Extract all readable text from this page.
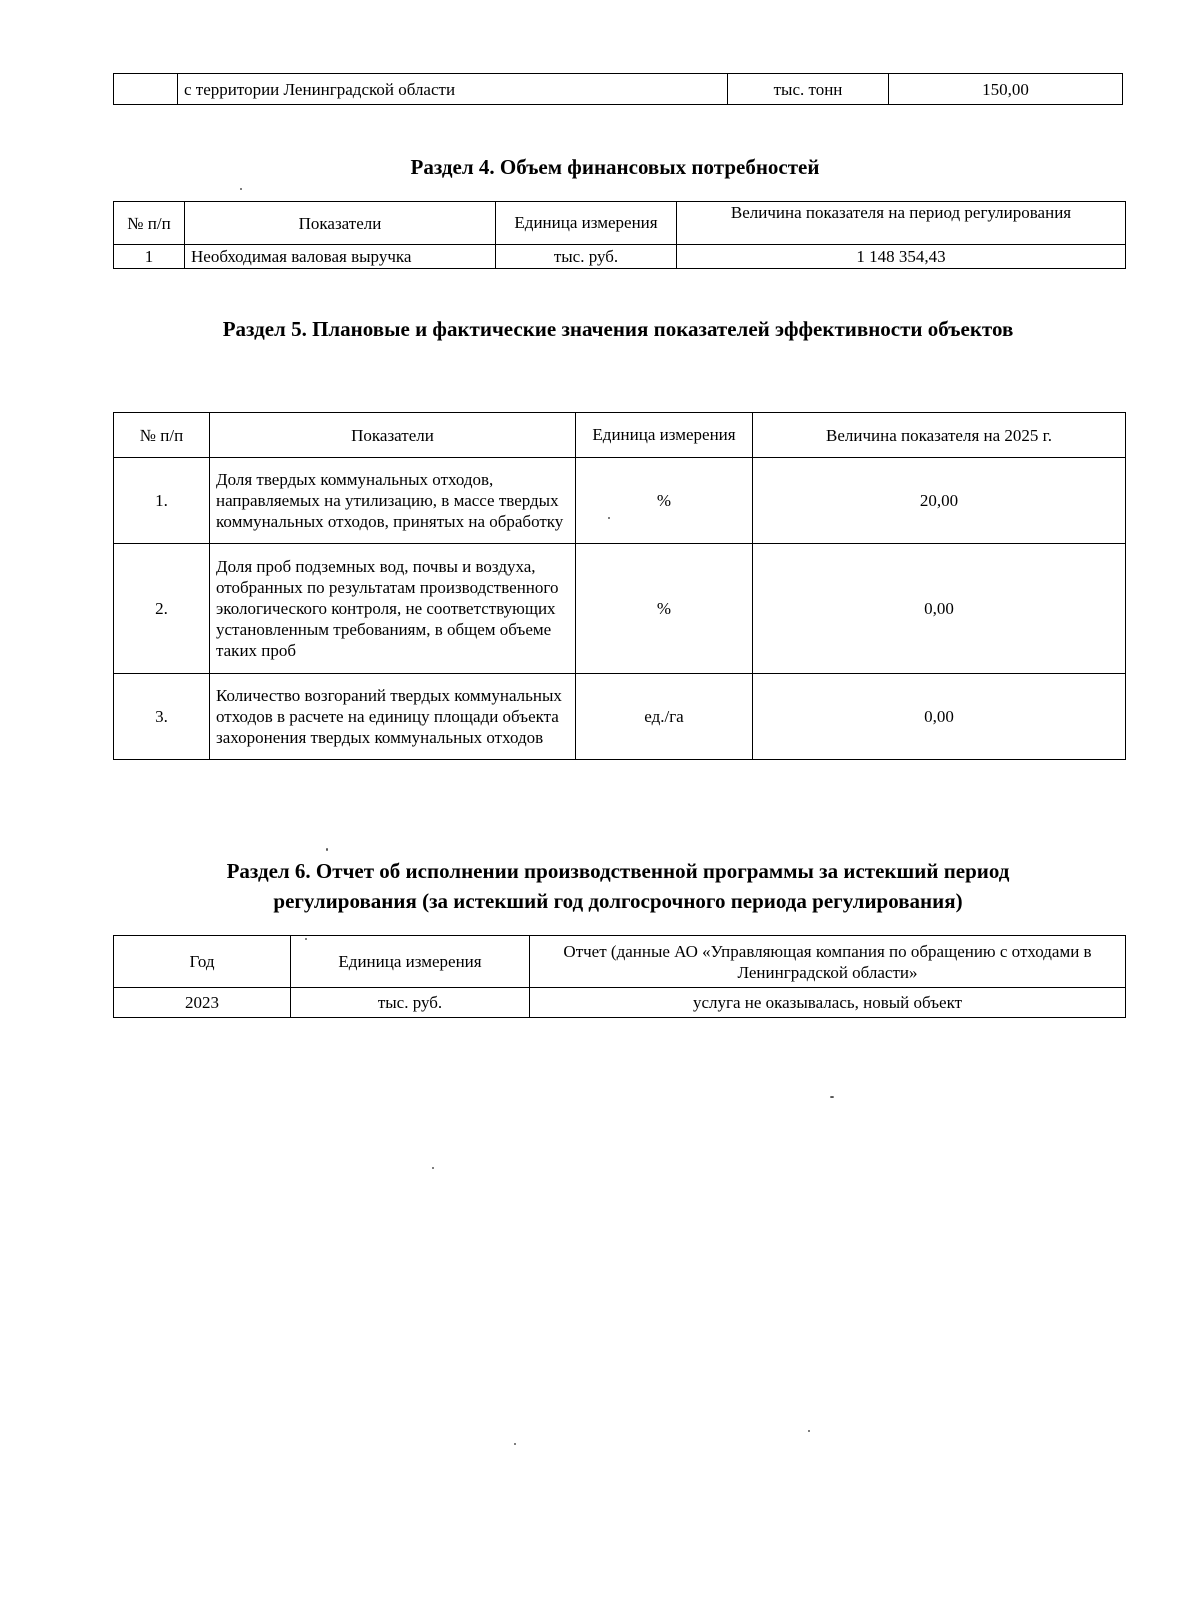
	с территории Ленинградской области	тыс. тонн	150,00
Раздел 4. Объем финансовых потребностей
№ п/п	Показатели	Единица измерения	Величина показателя на период регулирования
1	Необходимая валовая выручка	тыс. руб.	1 148 354,43
Раздел 5. Плановые и фактические значения показателей эффективности объектов
№ п/п	Показатели	Единица измерения	Величина показателя на 2025 г.
1.	Доля твердых коммунальных отходов, направляемых на утилизацию, в массе твердых коммунальных отходов, принятых на обработку	%	20,00
2.	Доля проб подземных вод, почвы и воздуха, отобранных по результатам производственного экологического контроля, не соответствующих установленным требованиям, в общем объеме таких проб	%	0,00
3.	Количество возгораний твердых коммунальных отходов в расчете на единицу площади объекта захоронения твердых коммунальных отходов	ед./га	0,00
Раздел 6. Отчет об исполнении производственной программы за истекший период
регулирования (за истекший год долгосрочного периода регулирования)
Год	Единица измерения	Отчет (данные АО «Управляющая компания по обращению с отходами в Ленинградской области»
2023	тыс. руб.	услуга не оказывалась, новый объект
